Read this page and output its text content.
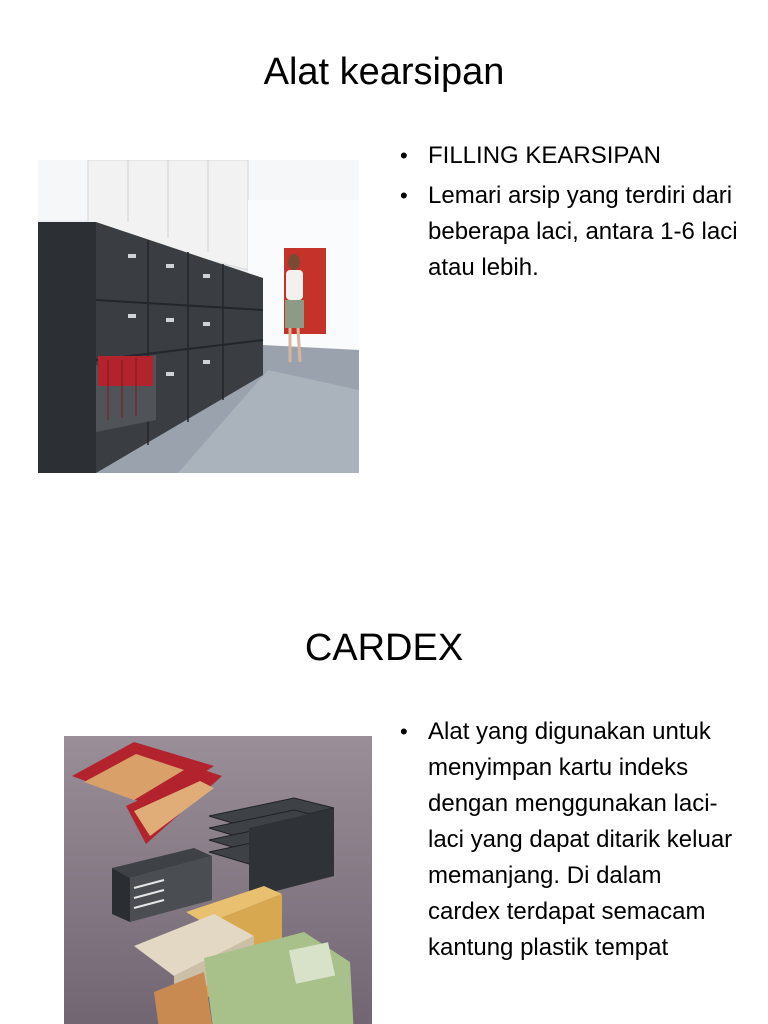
Alat kearsipan
• FILLING KEARSIPAN
• Lemari arsip yang terdiri dari beberapa laci, antara 1-6 laci atau lebih.
CARDEX
• Alat yang digunakan untuk menyimpan kartu indeks dengan menggunakan laci-laci yang dapat ditarik keluar memanjang. Di dalam cardex terdapat semacam kantung plastik tempat
